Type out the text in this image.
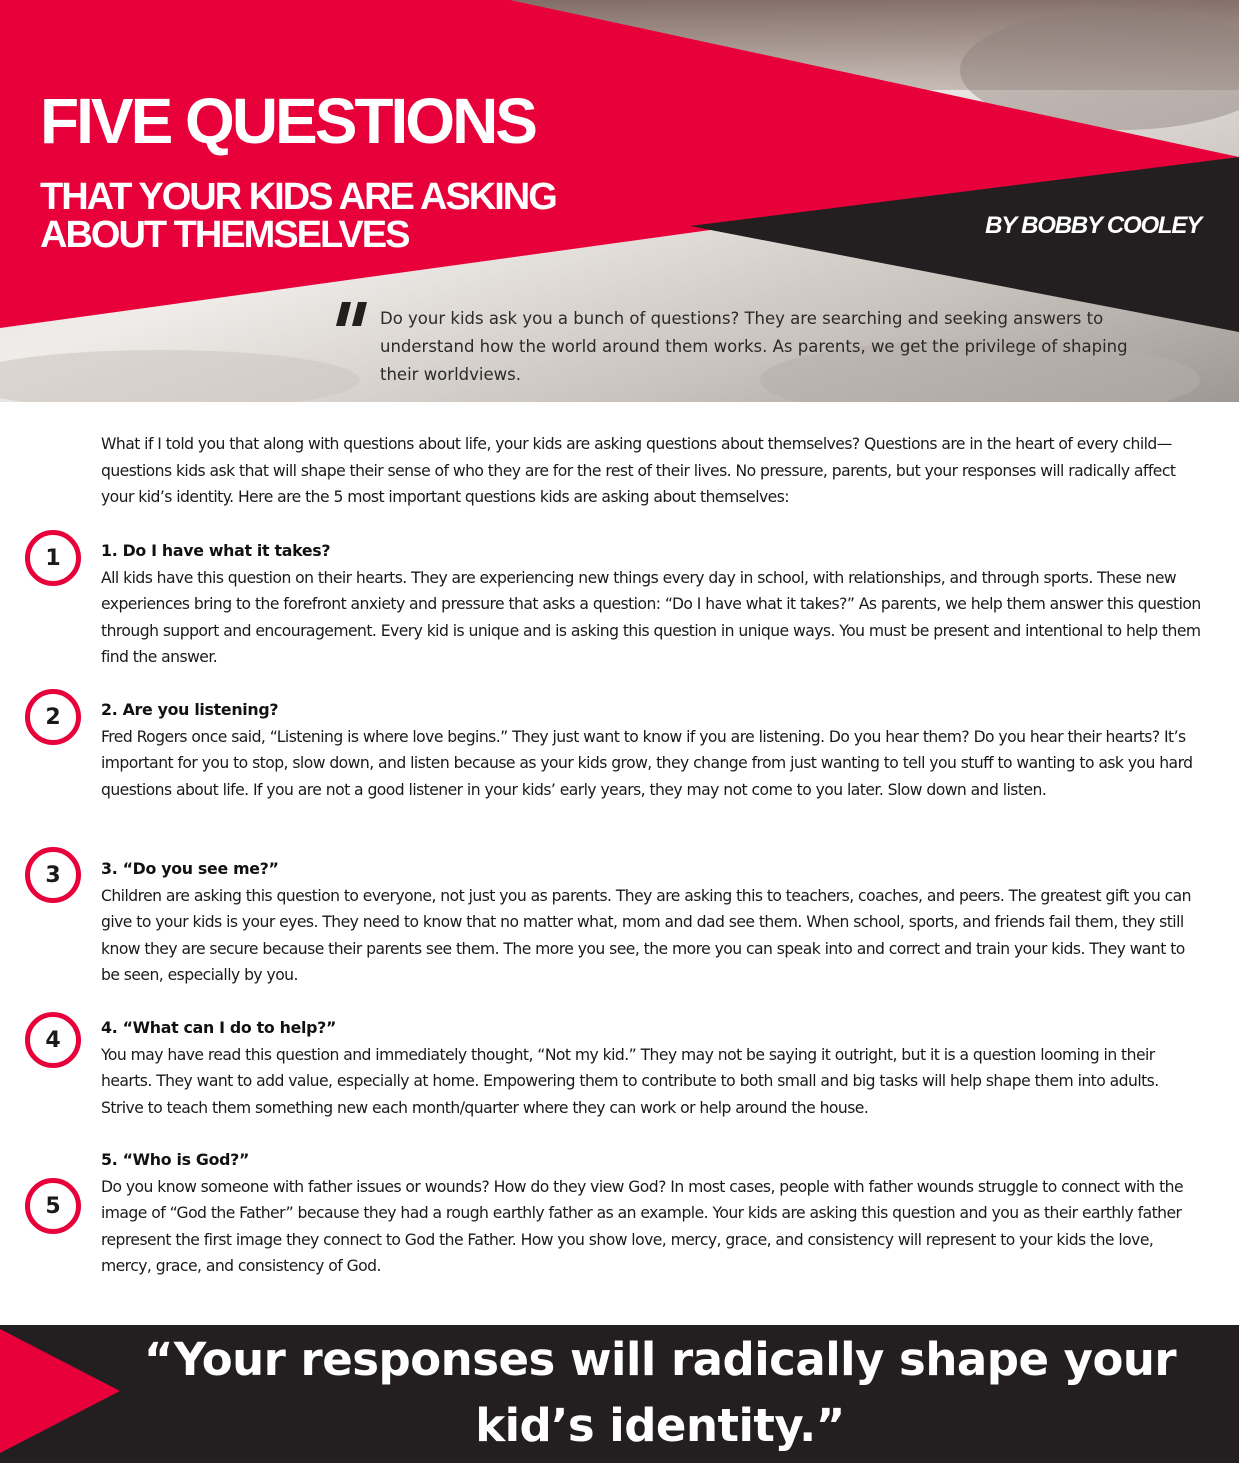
FIVE QUESTIONS
THAT YOUR KIDS ARE ASKING
ABOUT THEMSELVES	BY BOBBY COOLEY
Do your kids ask you a bunch of questions? They are searching and seeking answers to understand how the world around them works. As parents, we get the privilege of shaping their worldviews.

What if I told you that along with questions about life, your kids are asking questions about themselves? Questions are in the heart of every child—questions kids ask that will shape their sense of who they are for the rest of their lives. No pressure, parents, but your responses will radically affect your kid’s identity. Here are the 5 most important questions kids are asking about themselves:

1	1. Do I have what it takes?

All kids have this question on their hearts. They are experiencing new things every day in school, with relationships, and through sports. These new experiences bring to the forefront anxiety and pressure that asks a question: “Do I have what it takes?” As parents, we help them answer this question through support and encouragement. Every kid is unique and is asking this question in unique ways. You must be present and intentional to help them find the answer.

2	2. Are you listening?

Fred Rogers once said, “Listening is where love begins.” They just want to know if you are listening. Do you hear them? Do you hear their hearts? It’s important for you to stop, slow down, and listen because as your kids grow, they change from just wanting to tell you stuff to wanting to ask you hard questions about life. If you are not a good listener in your kids’ early years, they may not come to you later. Slow down and listen.

3	3. “Do you see me?”

Children are asking this question to everyone, not just you as parents. They are asking this to teachers, coaches, and peers. The greatest gift you can give to your kids is your eyes. They need to know that no matter what, mom and dad see them. When school, sports, and friends fail them, they still know they are secure because their parents see them. The more you see, the more you can speak into and correct and train your kids. They want to be seen, especially by you.

4	4. “What can I do to help?”

You may have read this question and immediately thought, “Not my kid.” They may not be saying it outright, but it is a question looming in their hearts. They want to add value, especially at home. Empowering them to contribute to both small and big tasks will help shape them into adults. Strive to teach them something new each month/quarter where they can work or help around the house.

5
5. “Who is God?”

Do you know someone with father issues or wounds? How do they view God? In most cases, people with father wounds struggle to connect with the image of “God the Father” because they had a rough earthly father as an example. Your kids are asking this question and you as their earthly father represent the first image they connect to God the Father. How you show love, mercy, grace, and consistency will represent to your kids the love, mercy, grace, and consistency of God.

“Your responses will radically shape your kid’s identity.”
